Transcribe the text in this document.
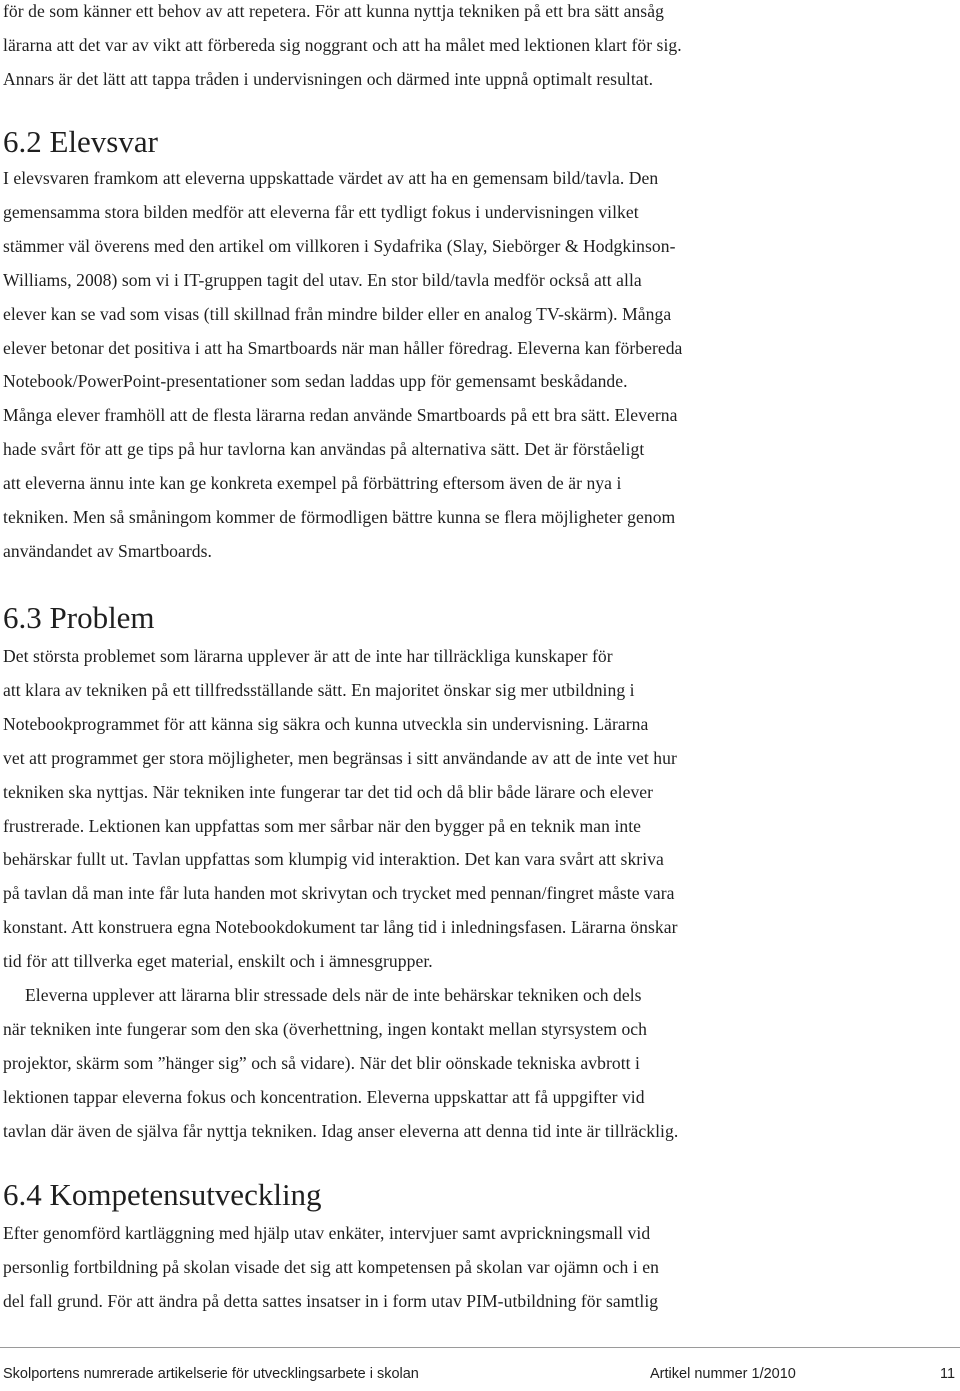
för de som känner ett behov av att repetera. För att kunna nyttja tekniken på ett bra sätt ansåg
lärarna att det var av vikt att förbereda sig noggrant och att ha målet med lektionen klart för sig.
Annars är det lätt att tappa tråden i undervisningen och därmed inte uppnå optimalt resultat.
6.2 Elevsvar
I elevsvaren framkom att eleverna uppskattade värdet av att ha en gemensam bild/tavla. Den
gemensamma stora bilden medför att eleverna får ett tydligt fokus i undervisningen vilket
stämmer väl överens med den artikel om villkoren i Sydafrika (Slay, Siebörger & Hodgkinson-
Williams, 2008) som vi i IT-gruppen tagit del utav. En stor bild/tavla medför också att alla
elever kan se vad som visas (till skillnad från mindre bilder eller en analog TV-skärm). Många
elever betonar det positiva i att ha Smartboards när man håller föredrag. Eleverna kan förbereda
Notebook/PowerPoint-presentationer som sedan laddas upp för gemensamt beskådande.
Många elever framhöll att de flesta lärarna redan använde Smartboards på ett bra sätt. Eleverna
hade svårt för att ge tips på hur tavlorna kan användas på alternativa sätt. Det är förståeligt
att eleverna ännu inte kan ge konkreta exempel på förbättring eftersom även de är nya i
tekniken. Men så småningom kommer de förmodligen bättre kunna se flera möjligheter genom
användandet av Smartboards.
6.3 Problem
Det största problemet som lärarna upplever är att de inte har tillräckliga kunskaper för
att klara av tekniken på ett tillfredsställande sätt. En majoritet önskar sig mer utbildning i
Notebookprogrammet för att känna sig säkra och kunna utveckla sin undervisning. Lärarna
vet att programmet ger stora möjligheter, men begränsas i sitt användande av att de inte vet hur
tekniken ska nyttjas. När tekniken inte fungerar tar det tid och då blir både lärare och elever
frustrerade. Lektionen kan uppfattas som mer sårbar när den bygger på en teknik man inte
behärskar fullt ut. Tavlan uppfattas som klumpig vid interaktion. Det kan vara svårt att skriva
på tavlan då man inte får luta handen mot skrivytan och trycket med pennan/fingret måste vara
konstant. Att konstruera egna Notebookdokument tar lång tid i inledningsfasen. Lärarna önskar
tid för att tillverka eget material, enskilt och i ämnesgrupper.
Eleverna upplever att lärarna blir stressade dels när de inte behärskar tekniken och dels
när tekniken inte fungerar som den ska (överhettning, ingen kontakt mellan styrsystem och
projektor, skärm som ”hänger sig” och så vidare). När det blir oönskade tekniska avbrott i
lektionen tappar eleverna fokus och koncentration. Eleverna uppskattar att få uppgifter vid
tavlan där även de själva får nyttja tekniken. Idag anser eleverna att denna tid inte är tillräcklig.
6.4 Kompetensutveckling
Efter genomförd kartläggning med hjälp utav enkäter, intervjuer samt avprickningsmall vid
personlig fortbildning på skolan visade det sig att kompetensen på skolan var ojämn och i en
del fall grund. För att ändra på detta sattes insatser in i form utav PIM-utbildning för samtlig
Skolportens numrerade artikelserie för utvecklingsarbete i skolan	Artikel nummer 1/2010	11
